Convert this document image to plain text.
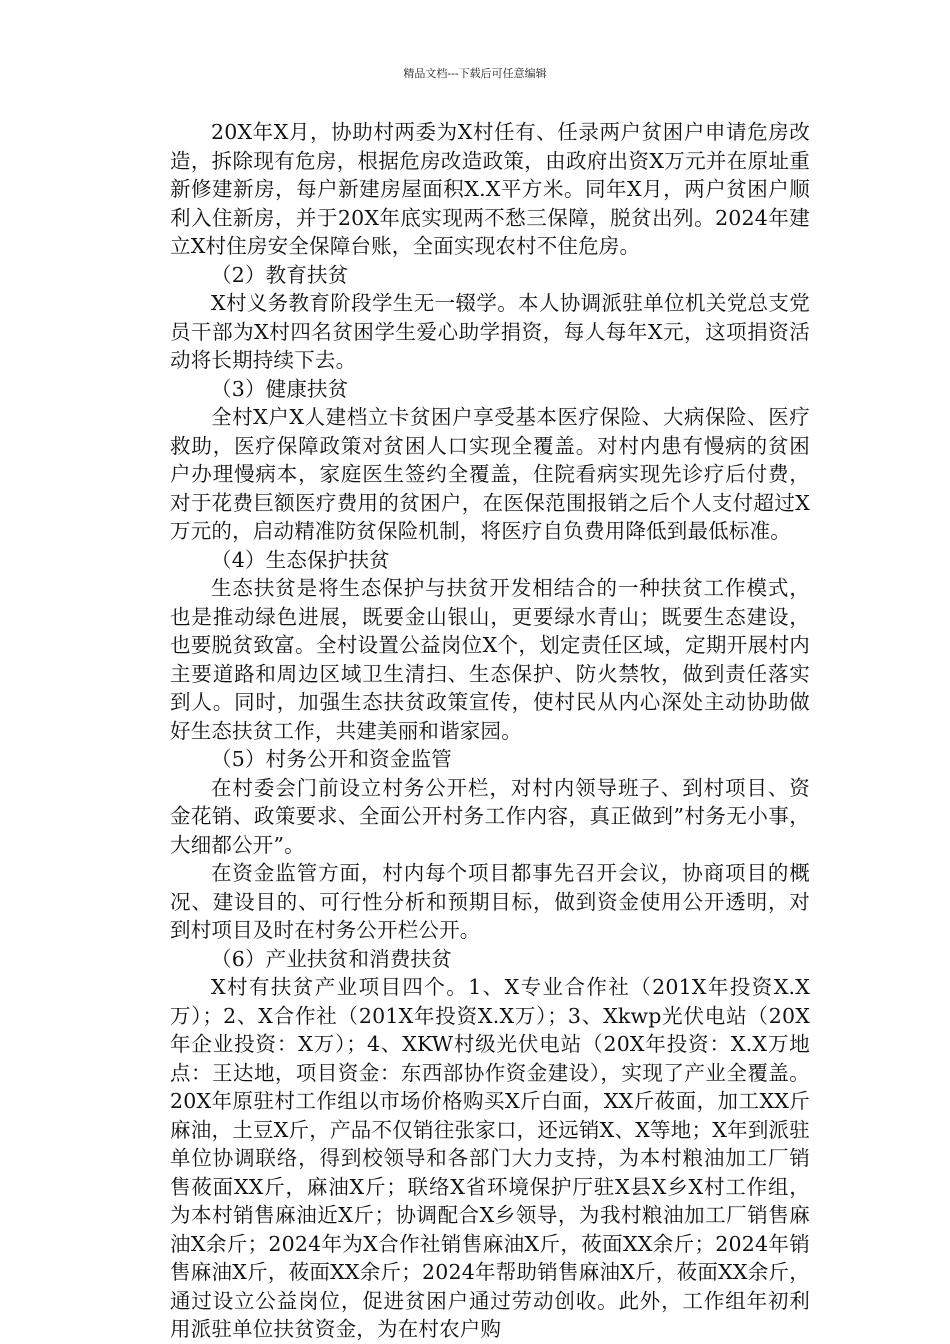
精品文档---下载后可任意编辑

20X年X月，协助村两委为X村任有、任录两户贫困户申请危房改造，拆除现有危房，根据危房改造政策，由政府出资X万元并在原址重新修建新房，每户新建房屋面积X.X平方米。同年X月，两户贫困户顺利入住新房，并于20X年底实现两不愁三保障，脱贫出列。2024年建立X村住房安全保障台账，全面实现农村不住危房。

（2）教育扶贫

X村义务教育阶段学生无一辍学。本人协调派驻单位机关党总支党员干部为X村四名贫困学生爱心助学捐资，每人每年X元，这项捐资活动将长期持续下去。

（3）健康扶贫

全村X户X人建档立卡贫困户享受基本医疗保险、大病保险、医疗救助，医疗保障政策对贫困人口实现全覆盖。对村内患有慢病的贫困户办理慢病本，家庭医生签约全覆盖，住院看病实现先诊疗后付费，对于花费巨额医疗费用的贫困户，在医保范围报销之后个人支付超过X万元的，启动精准防贫保险机制，将医疗自负费用降低到最低标准。

（4）生态保护扶贫

生态扶贫是将生态保护与扶贫开发相结合的一种扶贫工作模式，也是推动绿色进展，既要金山银山，更要绿水青山；既要生态建设，也要脱贫致富。全村设置公益岗位X个，划定责任区域，定期开展村内主要道路和周边区域卫生清扫、生态保护、防火禁牧，做到责任落实到人。同时，加强生态扶贫政策宣传，使村民从内心深处主动协助做好生态扶贫工作，共建美丽和谐家园。

（5）村务公开和资金监管

在村委会门前设立村务公开栏，对村内领导班子、到村项目、资金花销、政策要求、全面公开村务工作内容，真正做到”村务无小事，大细都公开”。

在资金监管方面，村内每个项目都事先召开会议，协商项目的概况、建设目的、可行性分析和预期目标，做到资金使用公开透明，对到村项目及时在村务公开栏公开。

（6）产业扶贫和消费扶贫

X村有扶贫产业项目四个。1、X专业合作社（201X年投资X.X万）；2、X合作社（201X年投资X.X万）；3、Xkwp光伏电站（20X年企业投资：X万）；4、XKW村级光伏电站（20X年投资：X.X万地点：王达地，项目资金：东西部协作资金建设），实现了产业全覆盖。20X年原驻村工作组以市场价格购买X斤白面，XX斤莜面，加工XX斤麻油，土豆X斤，产品不仅销往张家口，还远销X、X等地；X年到派驻单位协调联络，得到校领导和各部门大力支持，为本村粮油加工厂销售莜面XX斤，麻油X斤；联络X省环境保护厅驻X县X乡X村工作组，为本村销售麻油近X斤；协调配合X乡领导，为我村粮油加工厂销售麻油X余斤；2024年为X合作社销售麻油X斤，莜面XX余斤；2024年销售麻油X斤，莜面XX余斤；2024年帮助销售麻油X斤，莜面XX余斤，通过设立公益岗位，促进贫困户通过劳动创收。此外，工作组年初利用派驻单位扶贫资金，为在村农户购
